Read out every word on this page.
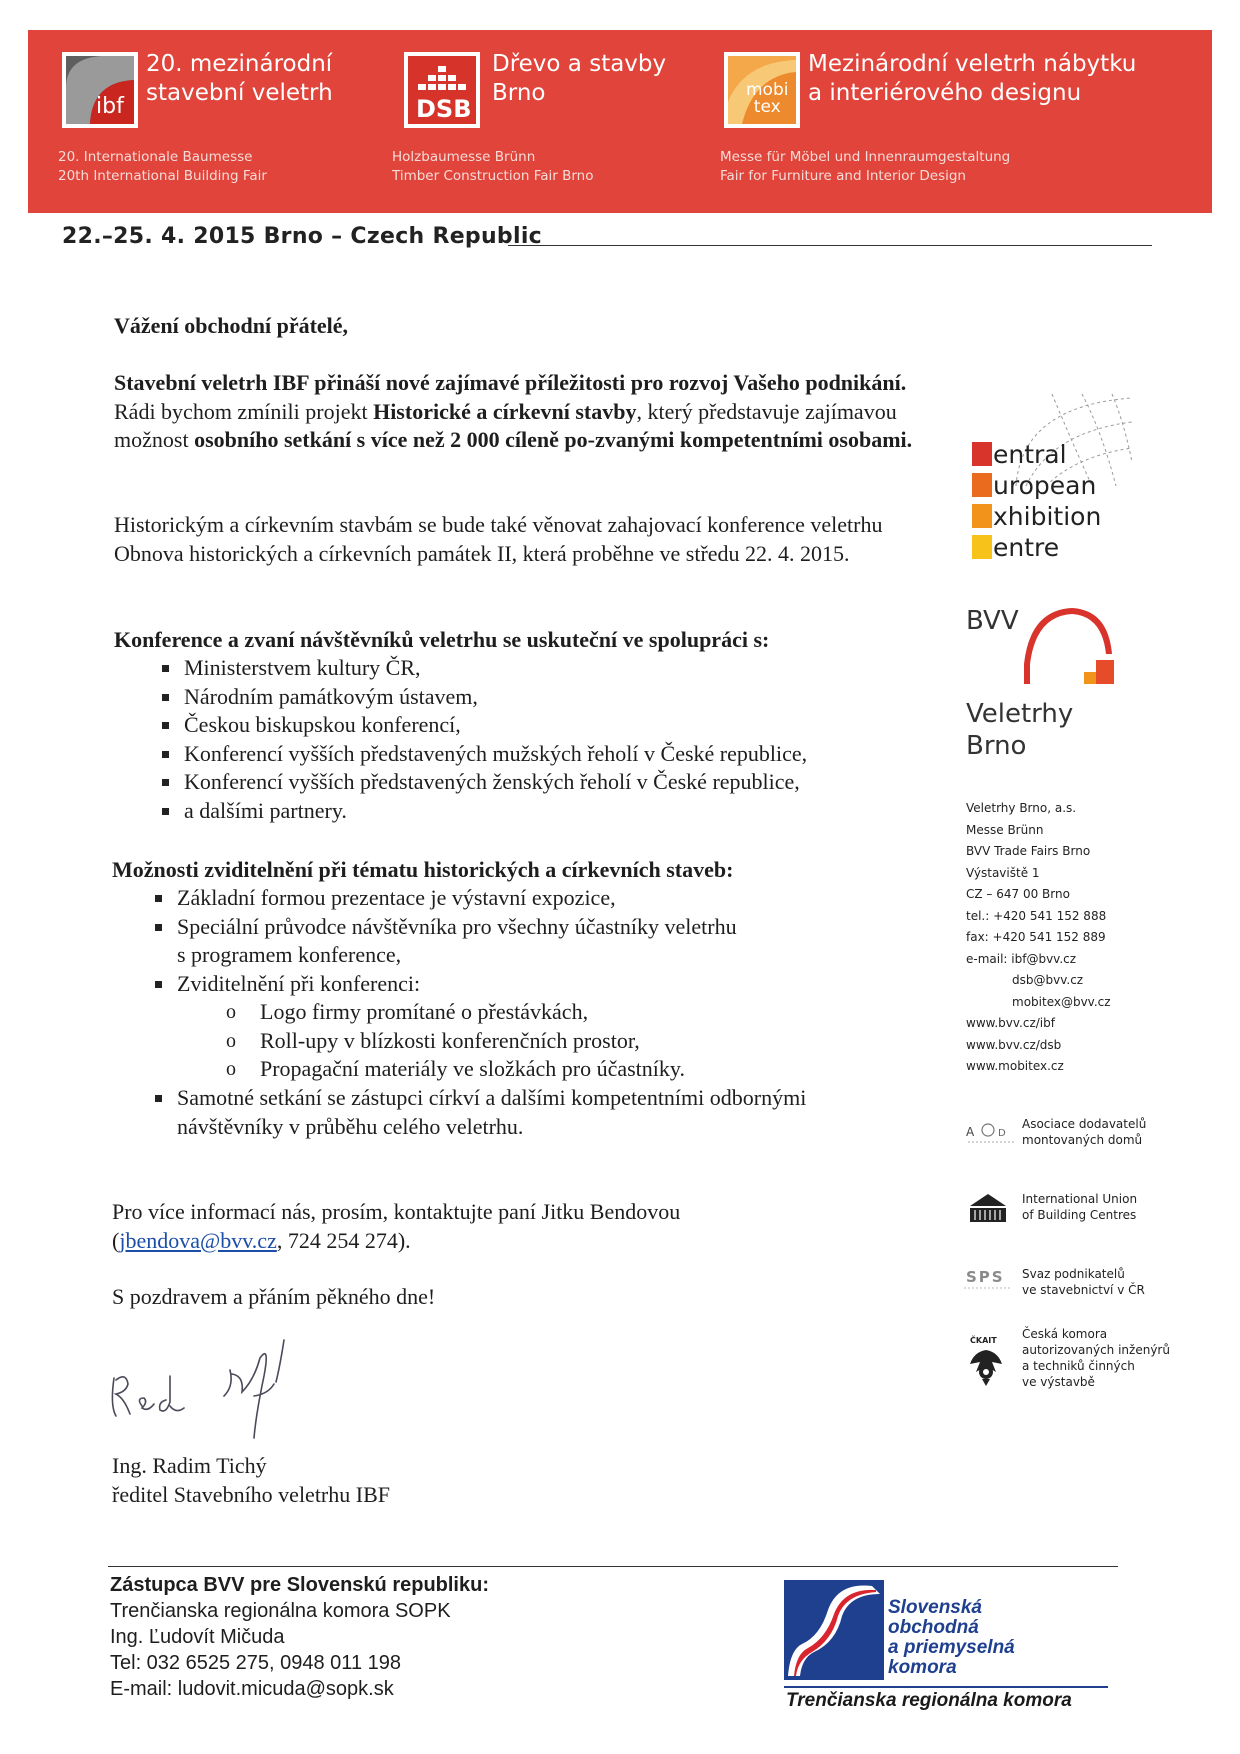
ibf
20. mezinárodní
stavební veletrh
20. Internationale Baumesse
20th International Building Fair
DSB
Dřevo a stavby
Brno
Holzbaumesse Brünn
Timber Construction Fair Brno
mobi
tex
Mezinárodní veletrh nábytku
a interiérového designu
Messe für Möbel und Innenraumgestaltung
Fair for Furniture and Interior Design
22.–25. 4. 2015 Brno – Czech Republic
Vážení obchodní přátelé,
Stavební veletrh IBF přináší nové zajímavé příležitosti pro rozvoj Vašeho podnikání. Rádi bychom zmínili projekt Historické a církevní stavby, který představuje zajímavou možnost osobního setkání s více než 2 000 cíleně po-zvanými kompetentními osobami.
Historickým a církevním stavbám se bude také věnovat zahajovací konference veletrhu Obnova historických a církevních památek II, která proběhne ve středu 22. 4. 2015.
Konference a zvaní návštěvníků veletrhu se uskuteční ve spolupráci s:
Ministerstvem kultury ČR,
Národním památkovým ústavem,
Českou biskupskou konferencí,
Konferencí vyšších představených mužských řeholí v České republice,
Konferencí vyšších představených ženských řeholí v České republice,
a dalšími partnery.
Možnosti zviditelnění při tématu historických a církevních staveb:
Základní formou prezentace je výstavní expozice,
Speciální průvodce návštěvníka pro všechny účastníky veletrhu
s programem konference,
Zviditelnění při konferenci:
o Logo firmy promítané o přestávkách,
o Roll-upy v blízkosti konferenčních prostor,
o Propagační materiály ve složkách pro účastníky.
Samotné setkání se zástupci církví a dalšími kompetentními odbornými
návštěvníky v průběhu celého veletrhu.
Pro více informací nás, prosím, kontaktujte paní Jitku Bendovou
(jbendova@bvv.cz, 724 254 274).
S pozdravem a přáním pěkného dne!
Ing. Radim Tichý
ředitel Stavebního veletrhu IBF
entral
uropean
xhibition
entre
BVV
Veletrhy
Brno
Veletrhy Brno, a.s.
Messe Brünn
BVV Trade Fairs Brno
Výstaviště 1
CZ – 647 00 Brno
tel.: +420 541 152 888
fax: +420 541 152 889
e-mail: ibf@bvv.cz
dsb@bvv.cz
mobitex@bvv.cz
www.bvv.cz/ibf
www.bvv.cz/dsb
www.mobitex.cz
A D
Asociace dodavatelů
montovaných domů
International Union
of Building Centres
SPS Svaz podnikatelů
ve stavebnictví v ČR
ČKAIT Česká komora
autorizovaných inženýrů
a techniků činných
ve výstavbě
Zástupca BVV pre Slovenskú republiku:
Trenčianska regionálna komora SOPK
Ing. Ľudovít Mičuda
Tel: 032 6525 275, 0948 011 198
E-mail: ludovit.micuda@sopk.sk
Slovenská
obchodná
a priemyselná
komora
Trenčianska regionálna komora
